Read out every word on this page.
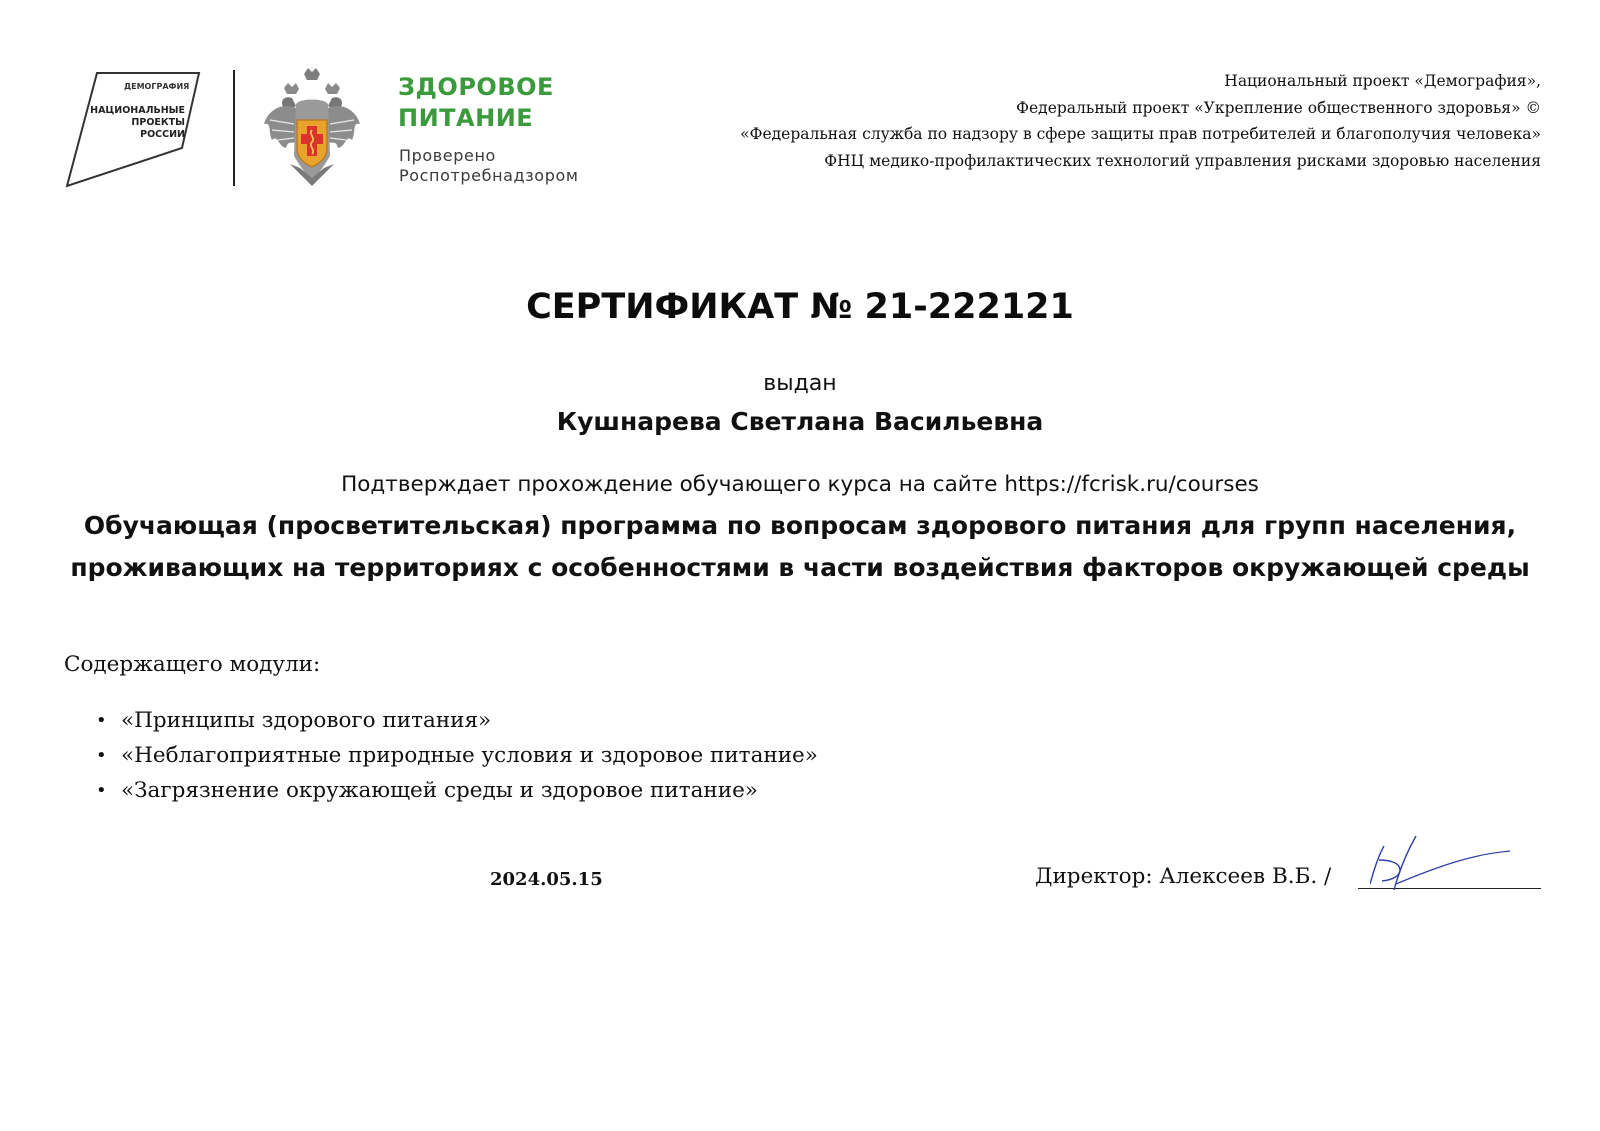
ДЕМОГРАФИЯ
НАЦИОНАЛЬНЫЕ
ПРОЕКТЫ
РОССИИ
ЗДОРОВОЕ
ПИТАНИЕ
Проверено
Роспотребнадзором
Национальный проект «Демография»,
Федеральный проект «Укрепление общественного здоровья» ©
«Федеральная служба по надзору в сфере защиты прав потребителей и благополучия человека»
ФНЦ медико-профилактических технологий управления рисками здоровью населения
СЕРТИФИКАТ № 21-222121
выдан
Кушнарева Светлана Васильевна
Подтверждает прохождение обучающего курса на сайте https://fcrisk.ru/courses
Обучающая (просветительская) программа по вопросам здорового питания для групп населения, проживающих на территориях с особенностями в части воздействия факторов окружающей среды
Содержащего модули:
• «Принципы здорового питания»
• «Неблагоприятные природные условия и здоровое питание»
• «Загрязнение окружающей среды и здоровое питание»
2024.05.15	Директор: Алексеев В.Б. /
